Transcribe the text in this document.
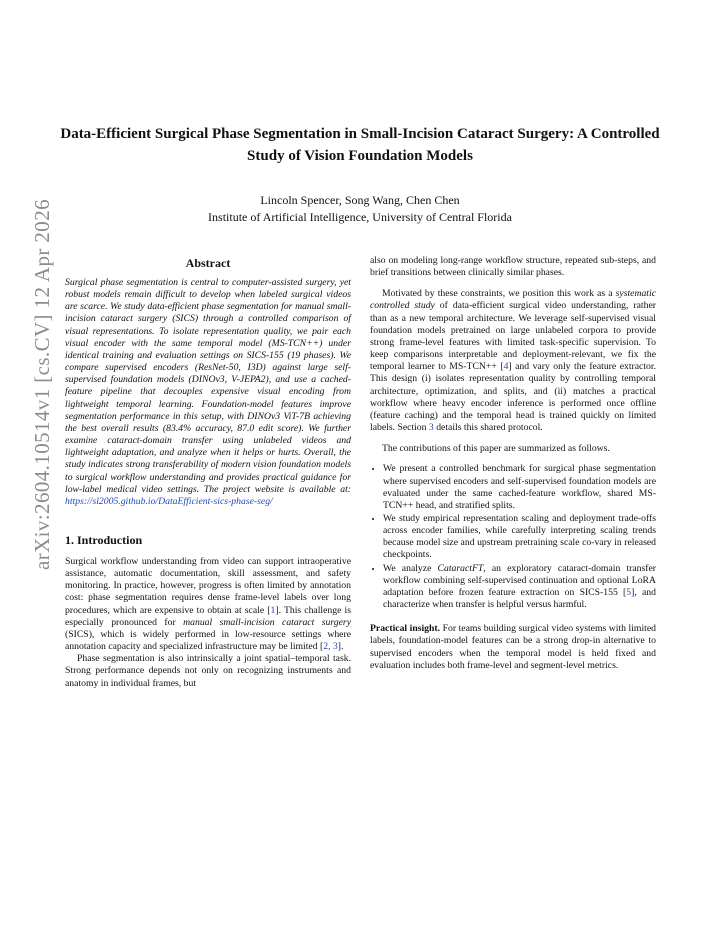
arXiv:2604.10514v1 [cs.CV] 12 Apr 2026
Data-Efficient Surgical Phase Segmentation in Small-Incision Cataract Surgery: A Controlled Study of Vision Foundation Models
Lincoln Spencer, Song Wang, Chen Chen
Institute of Artificial Intelligence, University of Central Florida
Abstract

Surgical phase segmentation is central to computer-assisted surgery, yet robust models remain difficult to develop when labeled surgical videos are scarce. We study data-efficient phase segmentation for manual small-incision cataract surgery (SICS) through a controlled comparison of visual representations. To isolate representation quality, we pair each visual encoder with the same temporal model (MS-TCN++) under identical training and evaluation settings on SICS-155 (19 phases). We compare supervised encoders (ResNet-50, I3D) against large self-supervised foundation models (DINOv3, V-JEPA2), and use a cached-feature pipeline that decouples expensive visual encoding from lightweight temporal learning. Foundation-model features improve segmentation performance in this setup, with DINOv3 ViT-7B achieving the best overall results (83.4% accuracy, 87.0 edit score). We further examine cataract-domain transfer using unlabeled videos and lightweight adaptation, and analyze when it helps or hurts. Overall, the study indicates strong transferability of modern vision foundation models to surgical workflow understanding and provides practical guidance for low-label medical video settings. The project website is available at: https://sl2005.github.io/DataEfficient-sics-phase-seg/

1. Introduction

Surgical workflow understanding from video can support intraoperative assistance, automatic documentation, skill assessment, and safety monitoring. In practice, however, progress is often limited by annotation cost: phase segmentation requires dense frame-level labels over long procedures, which are expensive to obtain at scale [1]. This challenge is especially pronounced for manual small-incision cataract surgery (SICS), which is widely performed in low-resource settings where annotation capacity and specialized infrastructure may be limited [2, 3].

Phase segmentation is also intrinsically a joint spatial–temporal task. Strong performance depends not only on recognizing instruments and anatomy in individual frames, but

also on modeling long-range workflow structure, repeated sub-steps, and brief transitions between clinically similar phases.

Motivated by these constraints, we position this work as a systematic controlled study of data-efficient surgical video understanding, rather than as a new temporal architecture. We leverage self-supervised visual foundation models pretrained on large unlabeled corpora to provide strong frame-level features with limited task-specific supervision. To keep comparisons interpretable and deployment-relevant, we fix the temporal learner to MS-TCN++ [4] and vary only the feature extractor. This design (i) isolates representation quality by controlling temporal architecture, optimization, and splits, and (ii) matches a practical workflow where heavy encoder inference is performed once offline (feature caching) and the temporal head is trained quickly on limited labels. Section 3 details this shared protocol.

The contributions of this paper are summarized as follows.

• We present a controlled benchmark for surgical phase segmentation where supervised encoders and self-supervised foundation models are evaluated under the same cached-feature workflow, shared MS-TCN++ head, and stratified splits.
• We study empirical representation scaling and deployment trade-offs across encoder families, while carefully interpreting scaling trends because model size and upstream pretraining scale co-vary in released checkpoints.
• We analyze CataractFT, an exploratory cataract-domain transfer workflow combining self-supervised continuation and optional LoRA adaptation before frozen feature extraction on SICS-155 [5], and characterize when transfer is helpful versus harmful.

Practical insight. For teams building surgical video systems with limited labels, foundation-model features can be a strong drop-in alternative to supervised encoders when the temporal model is held fixed and evaluation includes both frame-level and segment-level metrics.
